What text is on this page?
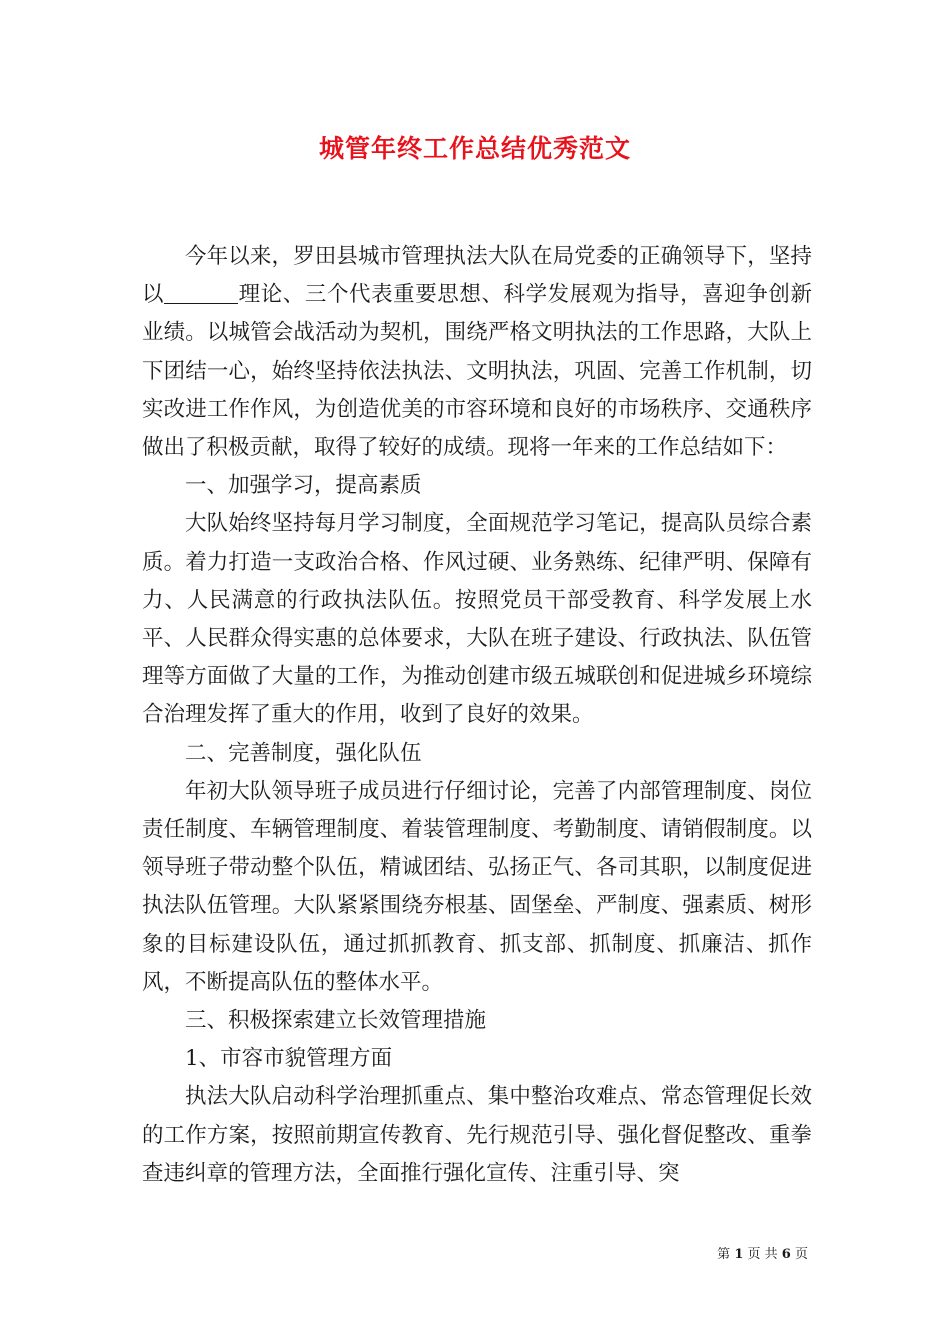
城管年终工作总结优秀范文

今年以来，罗田县城市管理执法大队在局党委的正确领导下，坚持以	理论、三个代表重要思想、科学发展观为指导，喜迎争创新业绩。以城管会战活动为契机，围绕严格文明执法的工作思路，大队上下团结一心，始终坚持依法执法、文明执法，巩固、完善工作机制，切实改进工作作风，为创造优美的市容环境和良好的市场秩序、交通秩序做出了积极贡献，取得了较好的成绩。现将一年来的工作总结如下：

一、加强学习，提高素质

大队始终坚持每月学习制度，全面规范学习笔记，提高队员综合素质。着力打造一支政治合格、作风过硬、业务熟练、纪律严明、保障有力、人民满意的行政执法队伍。按照党员干部受教育、科学发展上水平、人民群众得实惠的总体要求，大队在班子建设、行政执法、队伍管理等方面做了大量的工作，为推动创建市级五城联创和促进城乡环境综合治理发挥了重大的作用，收到了良好的效果。

二、完善制度，强化队伍

年初大队领导班子成员进行仔细讨论，完善了内部管理制度、岗位责任制度、车辆管理制度、着装管理制度、考勤制度、请销假制度。以领导班子带动整个队伍，精诚团结、弘扬正气、各司其职，以制度促进执法队伍管理。大队紧紧围绕夯根基、固堡垒、严制度、强素质、树形象的目标建设队伍，通过抓抓教育、抓支部、抓制度、抓廉洁、抓作风，不断提高队伍的整体水平。

三、积极探索建立长效管理措施

1、市容市貌管理方面

执法大队启动科学治理抓重点、集中整治攻难点、常态管理促长效的工作方案，按照前期宣传教育、先行规范引导、强化督促整改、重拳查违纠章的管理方法，全面推行强化宣传、注重引导、突

第 1 页 共 6 页
